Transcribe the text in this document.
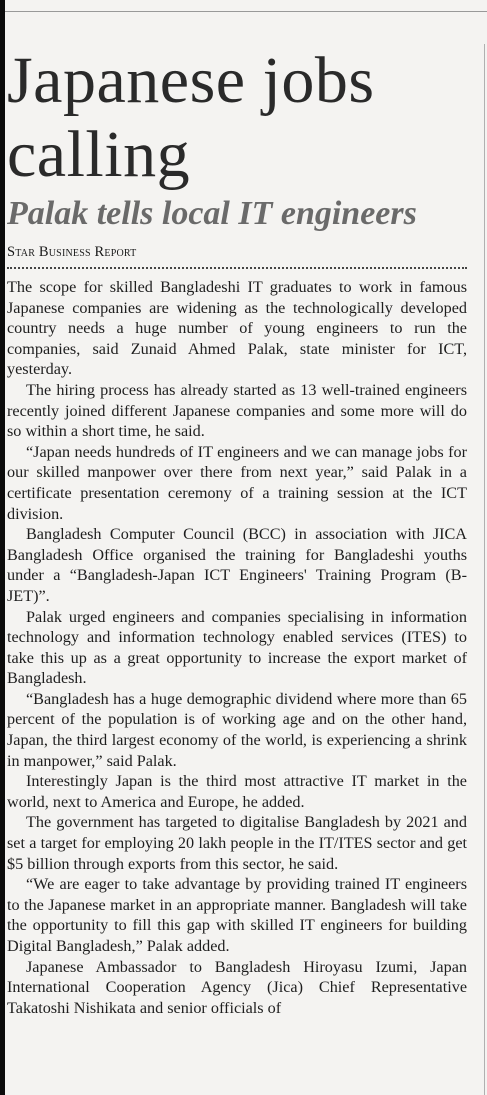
Japanese jobs calling
Palak tells local IT engineers
Star Business Report

The scope for skilled Bangladeshi IT graduates to work in famous Japanese companies are widening as the technologically developed country needs a huge number of young engineers to run the companies, said Zunaid Ahmed Palak, state minister for ICT, yesterday.

The hiring process has already started as 13 well-trained engineers recently joined different Japanese companies and some more will do so within a short time, he said.

“Japan needs hundreds of IT engineers and we can manage jobs for our skilled manpower over there from next year,” said Palak in a certificate presentation ceremony of a training session at the ICT division.

Bangladesh Computer Council (BCC) in association with JICA Bangladesh Office organised the training for Bangladeshi youths under a “Bangladesh-Japan ICT Engineers' Training Program (B-JET)”.

Palak urged engineers and companies specialising in information technology and information technology enabled services (ITES) to take this up as a great opportunity to increase the export market of Bangladesh.

“Bangladesh has a huge demographic dividend where more than 65 percent of the population is of working age and on the other hand, Japan, the third largest economy of the world, is experiencing a shrink in manpower,” said Palak.

Interestingly Japan is the third most attractive IT market in the world, next to America and Europe, he added.

The government has targeted to digitalise Bangladesh by 2021 and set a target for employing 20 lakh people in the IT/ITES sector and get $5 billion through exports from this sector, he said.

“We are eager to take advantage by providing trained IT engineers to the Japanese market in an appropriate manner. Bangladesh will take the opportunity to fill this gap with skilled IT engineers for building Digital Bangladesh,” Palak added.

Japanese Ambassador to Bangladesh Hiroyasu Izumi, Japan International Cooperation Agency (Jica) Chief Representative Takatoshi Nishikata and senior officials of
